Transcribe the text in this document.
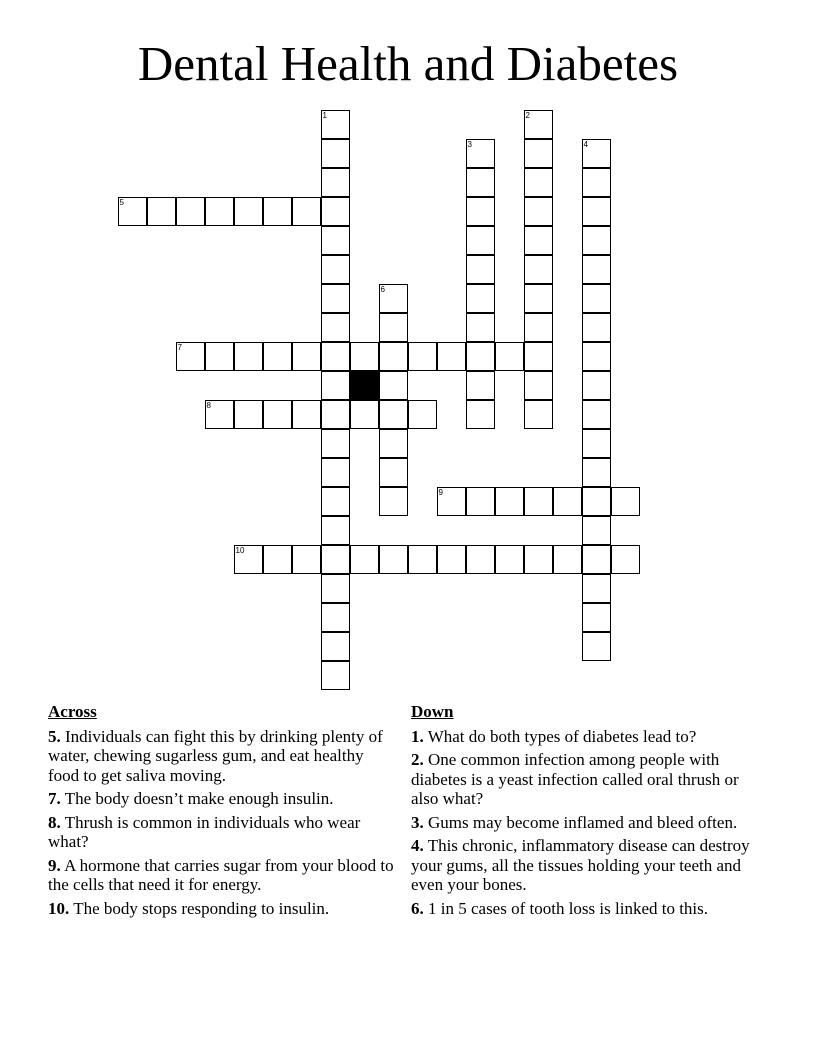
Dental Health and Diabetes
1	2
3	4
5
6
7
8
9
10
Across
5. Individuals can fight this by drinking plenty of water, chewing sugarless gum, and eat healthy food to get saliva moving.
7. The body doesn’t make enough insulin.
8. Thrush is common in individuals who wear what?
9. A hormone that carries sugar from your blood to the cells that need it for energy.
10. The body stops responding to insulin.
Down
1. What do both types of diabetes lead to?
2. One common infection among people with diabetes is a yeast infection called oral thrush or also what?
3. Gums may become inflamed and bleed often.
4. This chronic, inflammatory disease can destroy your gums, all the tissues holding your teeth and even your bones.
6. 1 in 5 cases of tooth loss is linked to this.
